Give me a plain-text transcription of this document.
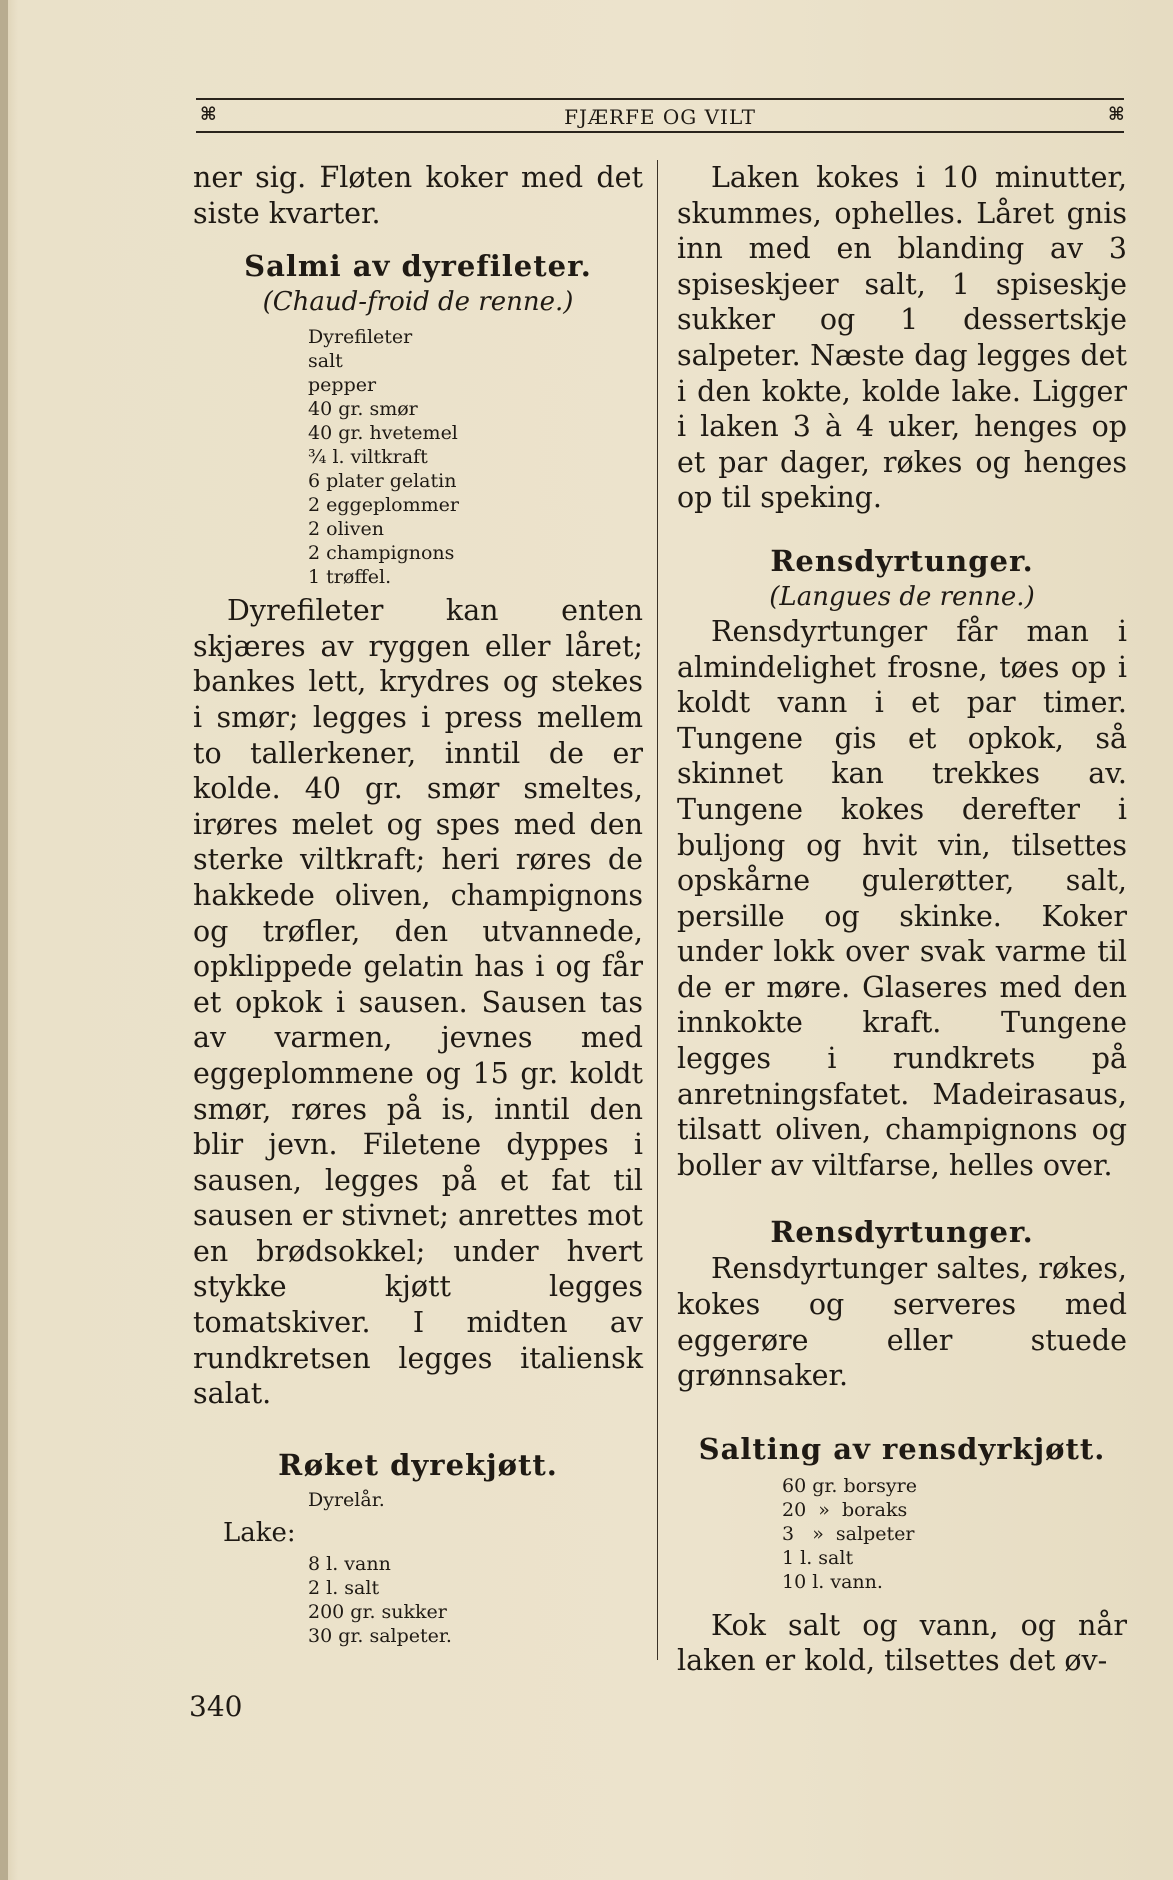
⌘	FJÆRFE OG VILT	⌘

ner sig. Fløten koker med det siste kvarter.

Salmi av dyrefileter.

(Chaud-froid de renne.)

Dyrefileter
salt
pepper
40 gr. smør
40 gr. hvetemel
³⁄₄ l. viltkraft
6 plater gelatin
2 eggeplommer
2 oliven
2 champignons
1 trøffel.

Dyrefileter kan enten skjæres av ryggen eller låret; bankes lett, krydres og stekes i smør; legges i press mellem to tallerkener, inntil de er kolde. 40 gr. smør smeltes, irøres melet og spes med den sterke viltkraft; heri røres de hakkede oliven, champignons og trøfler, den utvannede, opklippede gelatin has i og får et opkok i sausen. Sausen tas av varmen, jevnes med eggeplommene og 15 gr. koldt smør, røres på is, inntil den blir jevn. Filetene dyppes i sausen, legges på et fat til sausen er stivnet; anrettes mot en brødsokkel; under hvert stykke kjøtt legges tomatskiver. I midten av rundkretsen legges italiensk salat.

Røket dyrekjøtt.

Dyrelår.

Lake:

8 l. vann
2 l. salt
200 gr. sukker
30 gr. salpeter.
340

Laken kokes i 10 minutter, skummes, ophelles. Låret gnis inn med en blanding av 3 spiseskjeer salt, 1 spiseskje sukker og 1 dessertskje salpeter. Næste dag legges det i den kokte, kolde lake. Ligger i laken 3 à 4 uker, henges op et par dager, røkes og henges op til speking.

Rensdyrtunger.

(Langues de renne.)

Rensdyrtunger får man i almindelighet frosne, tøes op i koldt vann i et par timer. Tungene gis et opkok, så skinnet kan trekkes av. Tungene kokes derefter i buljong og hvit vin, tilsettes opskårne gulerøtter, salt, persille og skinke. Koker under lokk over svak varme til de er møre. Glaseres med den innkokte kraft. Tungene legges i rundkrets på anretningsfatet. Madeirasaus, tilsatt oliven, champignons og boller av viltfarse, helles over.

Rensdyrtunger.

Rensdyrtunger saltes, røkes, kokes og serveres med eggerøre eller stuede grønnsaker.

Salting av rensdyrkjøtt.

60 gr. borsyre
20  »  boraks
3   »  salpeter
1 l. salt
10 l. vann.

Kok salt og vann, og når laken er kold, tilsettes det øv-
